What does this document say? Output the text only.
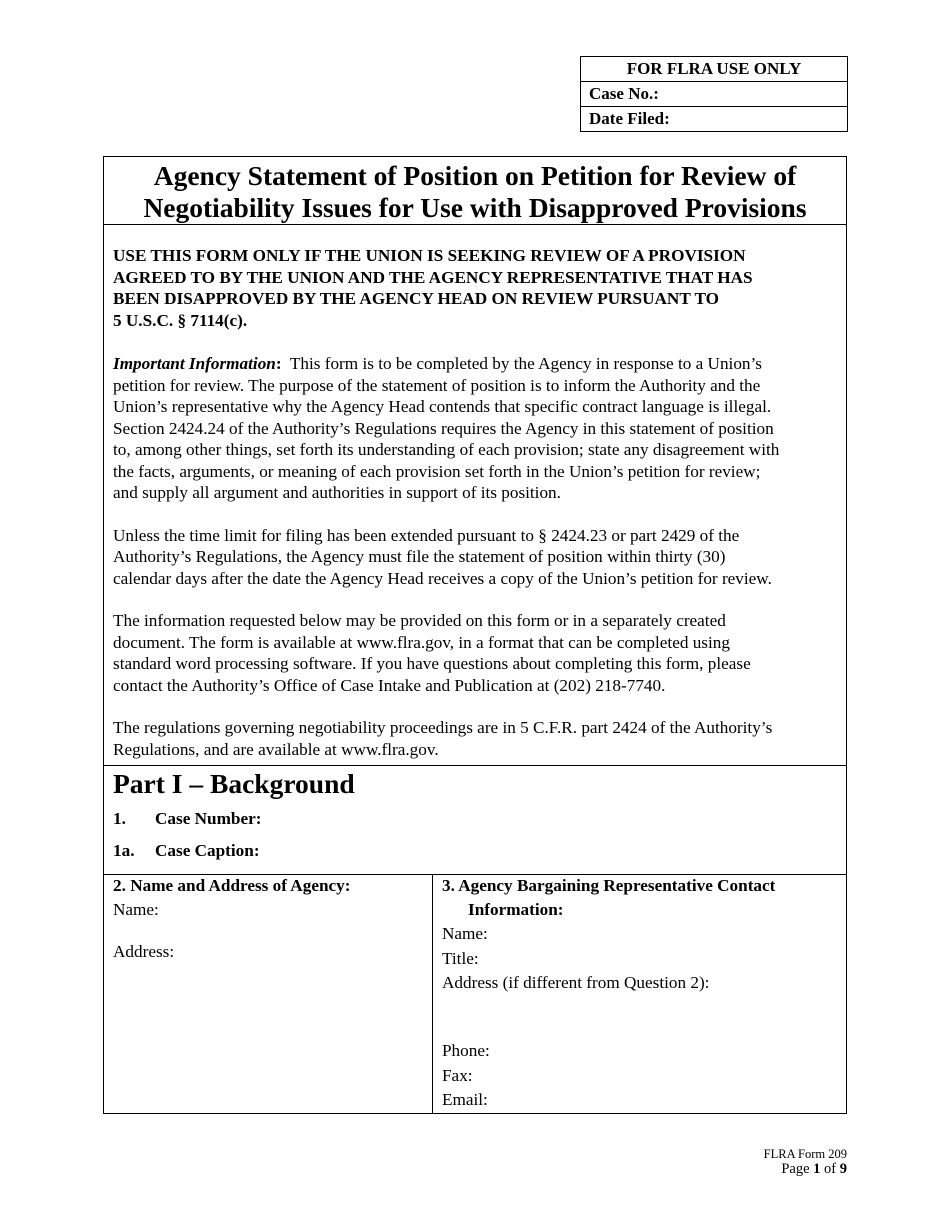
FOR FLRA USE ONLY
Case No.:
Date Filed:
Agency Statement of Position on Petition for Review of
Negotiability Issues for Use with Disapproved Provisions
USE THIS FORM ONLY IF THE UNION IS SEEKING REVIEW OF A PROVISION
AGREED TO BY THE UNION AND THE AGENCY REPRESENTATIVE THAT HAS
BEEN DISAPPROVED BY THE AGENCY HEAD ON REVIEW PURSUANT TO
5 U.S.C. § 7114(c).
Important Information: This form is to be completed by the Agency in response to a Union’s
petition for review. The purpose of the statement of position is to inform the Authority and the
Union’s representative why the Agency Head contends that specific contract language is illegal.
Section 2424.24 of the Authority’s Regulations requires the Agency in this statement of position
to, among other things, set forth its understanding of each provision; state any disagreement with
the facts, arguments, or meaning of each provision set forth in the Union’s petition for review;
and supply all argument and authorities in support of its position.
Unless the time limit for filing has been extended pursuant to § 2424.23 or part 2429 of the
Authority’s Regulations, the Agency must file the statement of position within thirty (30)
calendar days after the date the Agency Head receives a copy of the Union’s petition for review.
The information requested below may be provided on this form or in a separately created
document. The form is available at www.flra.gov, in a format that can be completed using
standard word processing software. If you have questions about completing this form, please
contact the Authority’s Office of Case Intake and Publication at (202) 218-7740.
The regulations governing negotiability proceedings are in 5 C.F.R. part 2424 of the Authority’s
Regulations, and are available at www.flra.gov.
Part I – Background
1. Case Number:
1a. Case Caption:
2. Name and Address of Agency:
Name:
Address:
3. Agency Bargaining Representative Contact
Information:
Name:
Title:
Address (if different from Question 2):
Phone:
Fax:
Email:
FLRA Form 209
Page 1 of 9
